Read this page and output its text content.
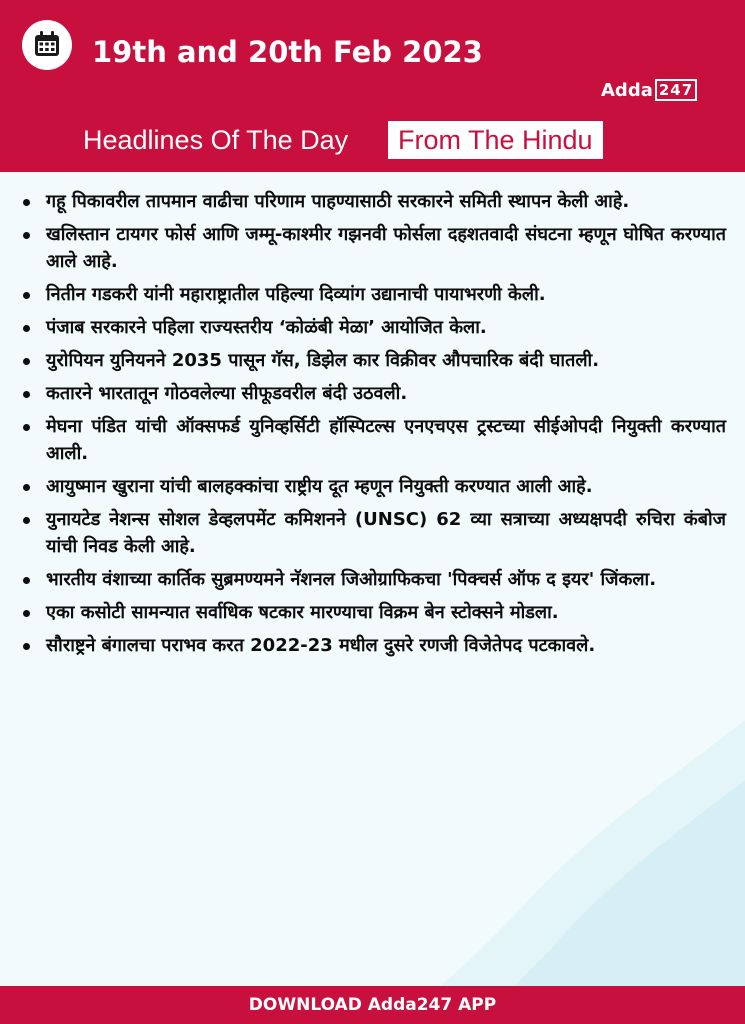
19th and 20th Feb 2023
Adda 247
Headlines Of The Day	From The Hindu
गहू पिकावरील तापमान वाढीचा परिणाम पाहण्यासाठी सरकारने समिती स्थापन केली आहे.
खलिस्तान टायगर फोर्स आणि जम्मू-काश्मीर गझनवी फोर्सला दहशतवादी संघटना म्हणून घोषित करण्यात आले आहे.
नितीन गडकरी यांनी महाराष्ट्रातील पहिल्या दिव्यांग उद्यानाची पायाभरणी केली.
पंजाब सरकारने पहिला राज्यस्तरीय ‘कोळंबी मेळा’ आयोजित केला.
युरोपियन युनियनने 2035 पासून गॅस, डिझेल कार विक्रीवर औपचारिक बंदी घातली.
कतारने भारतातून गोठवलेल्या सीफूडवरील बंदी उठवली.
मेघना पंडित यांची ऑक्सफर्ड युनिव्हर्सिटी हॉस्पिटल्स एनएचएस ट्रस्टच्या सीईओपदी नियुक्ती करण्यात आली.
आयुष्मान खुराना यांची बालहक्कांचा राष्ट्रीय दूत म्हणून नियुक्ती करण्यात आली आहे.
युनायटेड नेशन्स सोशल डेव्हलपमेंट कमिशनने (UNSC) 62 व्या सत्राच्या अध्यक्षपदी रुचिरा कंबोज यांची निवड केली आहे.
भारतीय वंशाच्या कार्तिक सुब्रमण्यमने नॅशनल जिओग्राफिकचा 'पिक्चर्स ऑफ द इयर' जिंकला.
एका कसोटी सामन्यात सर्वाधिक षटकार मारण्याचा विक्रम बेन स्टोक्सने मोडला.
सौराष्ट्रने बंगालचा पराभव करत 2022-23 मधील दुसरे रणजी विजेतेपद पटकावले.
DOWNLOAD Adda247 APP
